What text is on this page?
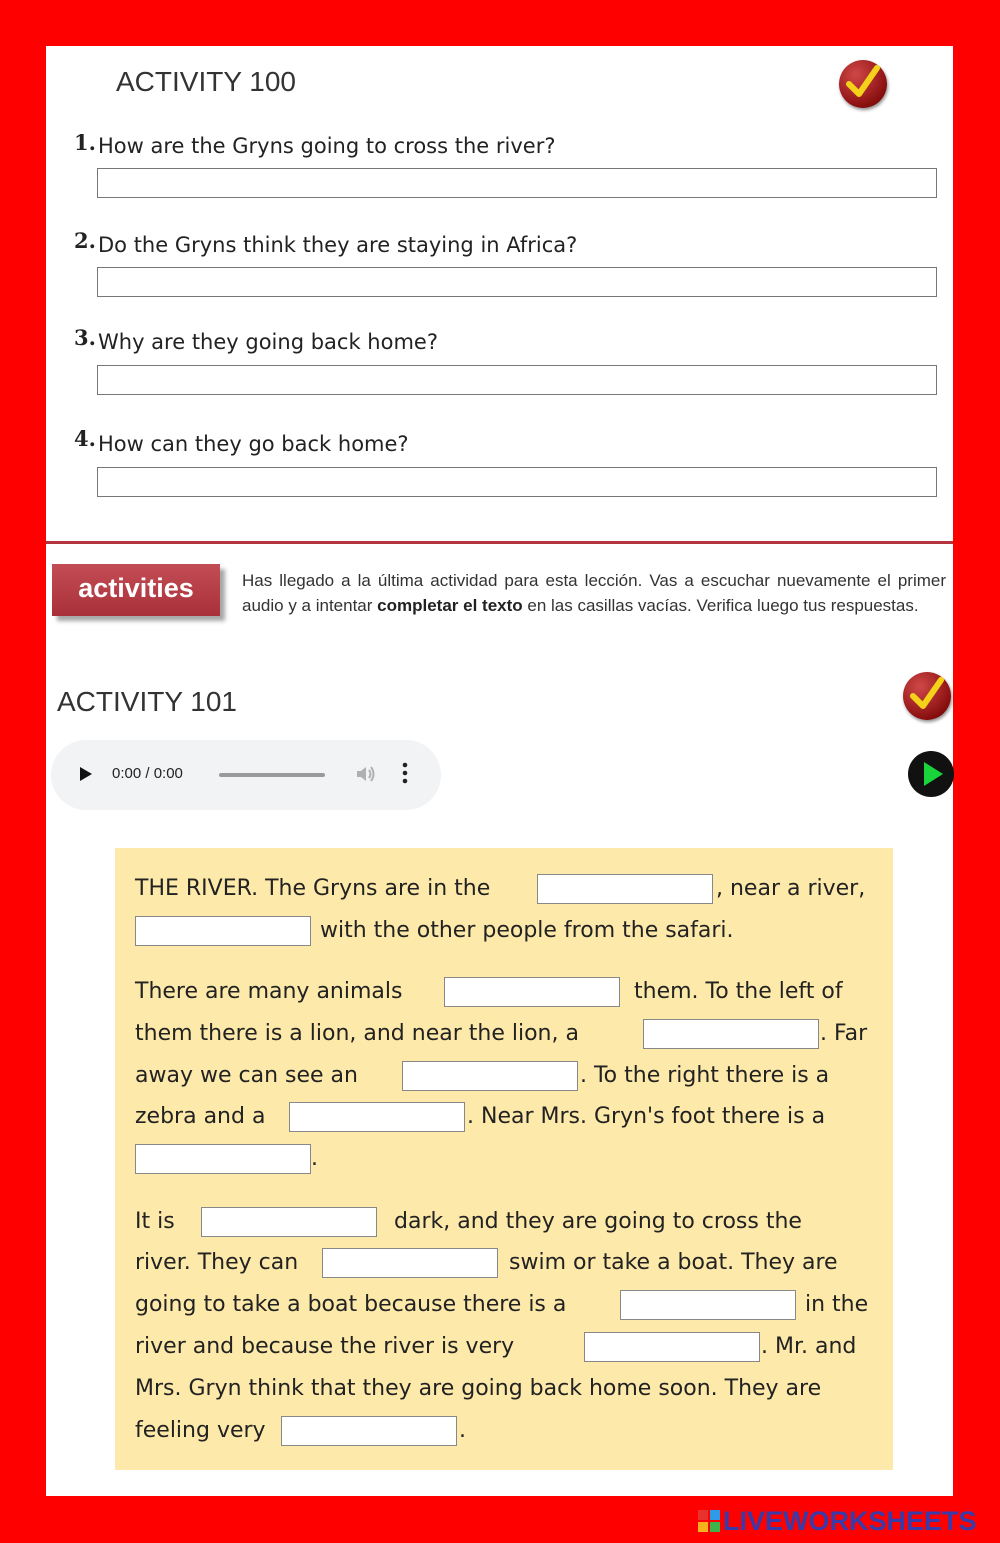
ACTIVITY 100
1. How are the Gryns going to cross the river?
2. Do the Gryns think they are staying in Africa?
3. Why are they going back home?
4. How can they go back home?
activities	Has llegado a la última actividad para esta lección. Vas a escuchar nuevamente el primer audio y a intentar completar el texto en las casillas vacías. Verifica luego tus respuestas.
ACTIVITY 101
0:00 / 0:00
THE RIVER. The Gryns are in the	, near a river,
with the other people from the safari.
There are many animals	them. To the left of
them there is a lion, and near the lion, a	. Far
away we can see an	. To the right there is a
zebra and a	. Near Mrs. Gryn's foot there is a
.
It is	dark, and they are going to cross the
river. They can	swim or take a boat. They are
going to take a boat because there is a	in the
river and because the river is very	. Mr. and
Mrs. Gryn think that they are going back home soon. They are
feeling very	.
LIVEWORKSHEETS
